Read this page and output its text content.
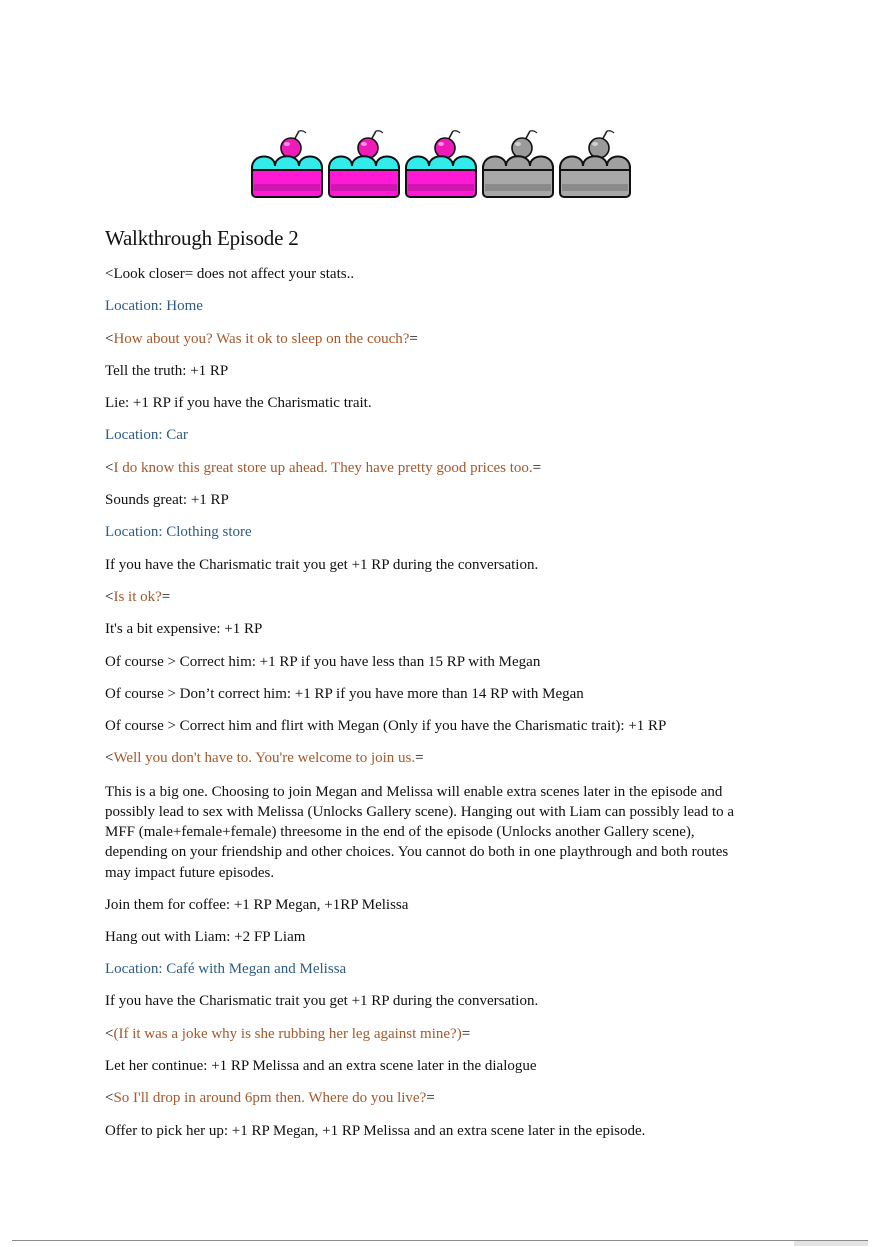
Walkthrough Episode 2
<Look closer= does not affect your stats..
Location: Home
<How about you? Was it ok to sleep on the couch?=
Tell the truth: +1 RP
Lie: +1 RP if you have the Charismatic trait.
Location: Car
<I do know this great store up ahead. They have pretty good prices too.=
Sounds great: +1 RP
Location: Clothing store
If you have the Charismatic trait you get +1 RP during the conversation.
<Is it ok?=
It's a bit expensive: +1 RP
Of course > Correct him: +1 RP if you have less than 15 RP with Megan
Of course > Don’t correct him: +1 RP if you have more than 14 RP with Megan
Of course > Correct him and flirt with Megan (Only if you have the Charismatic trait): +1 RP
<Well you don't have to. You're welcome to join us.=
This is a big one. Choosing to join Megan and Melissa will enable extra scenes later in the episode and possibly lead to sex with Melissa (Unlocks Gallery scene). Hanging out with Liam can possibly lead to a MFF (male+female+female) threesome in the end of the episode (Unlocks another Gallery scene), depending on your friendship and other choices. You cannot do both in one playthrough and both routes may impact future episodes.
Join them for coffee: +1 RP Megan, +1RP Melissa
Hang out with Liam: +2 FP Liam
Location: Café with Megan and Melissa
If you have the Charismatic trait you get +1 RP during the conversation.
<(If it was a joke why is she rubbing her leg against mine?)=
Let her continue: +1 RP Melissa and an extra scene later in the dialogue
<So I'll drop in around 6pm then. Where do you live?=
Offer to pick her up: +1 RP Megan, +1 RP Melissa and an extra scene later in the episode.
